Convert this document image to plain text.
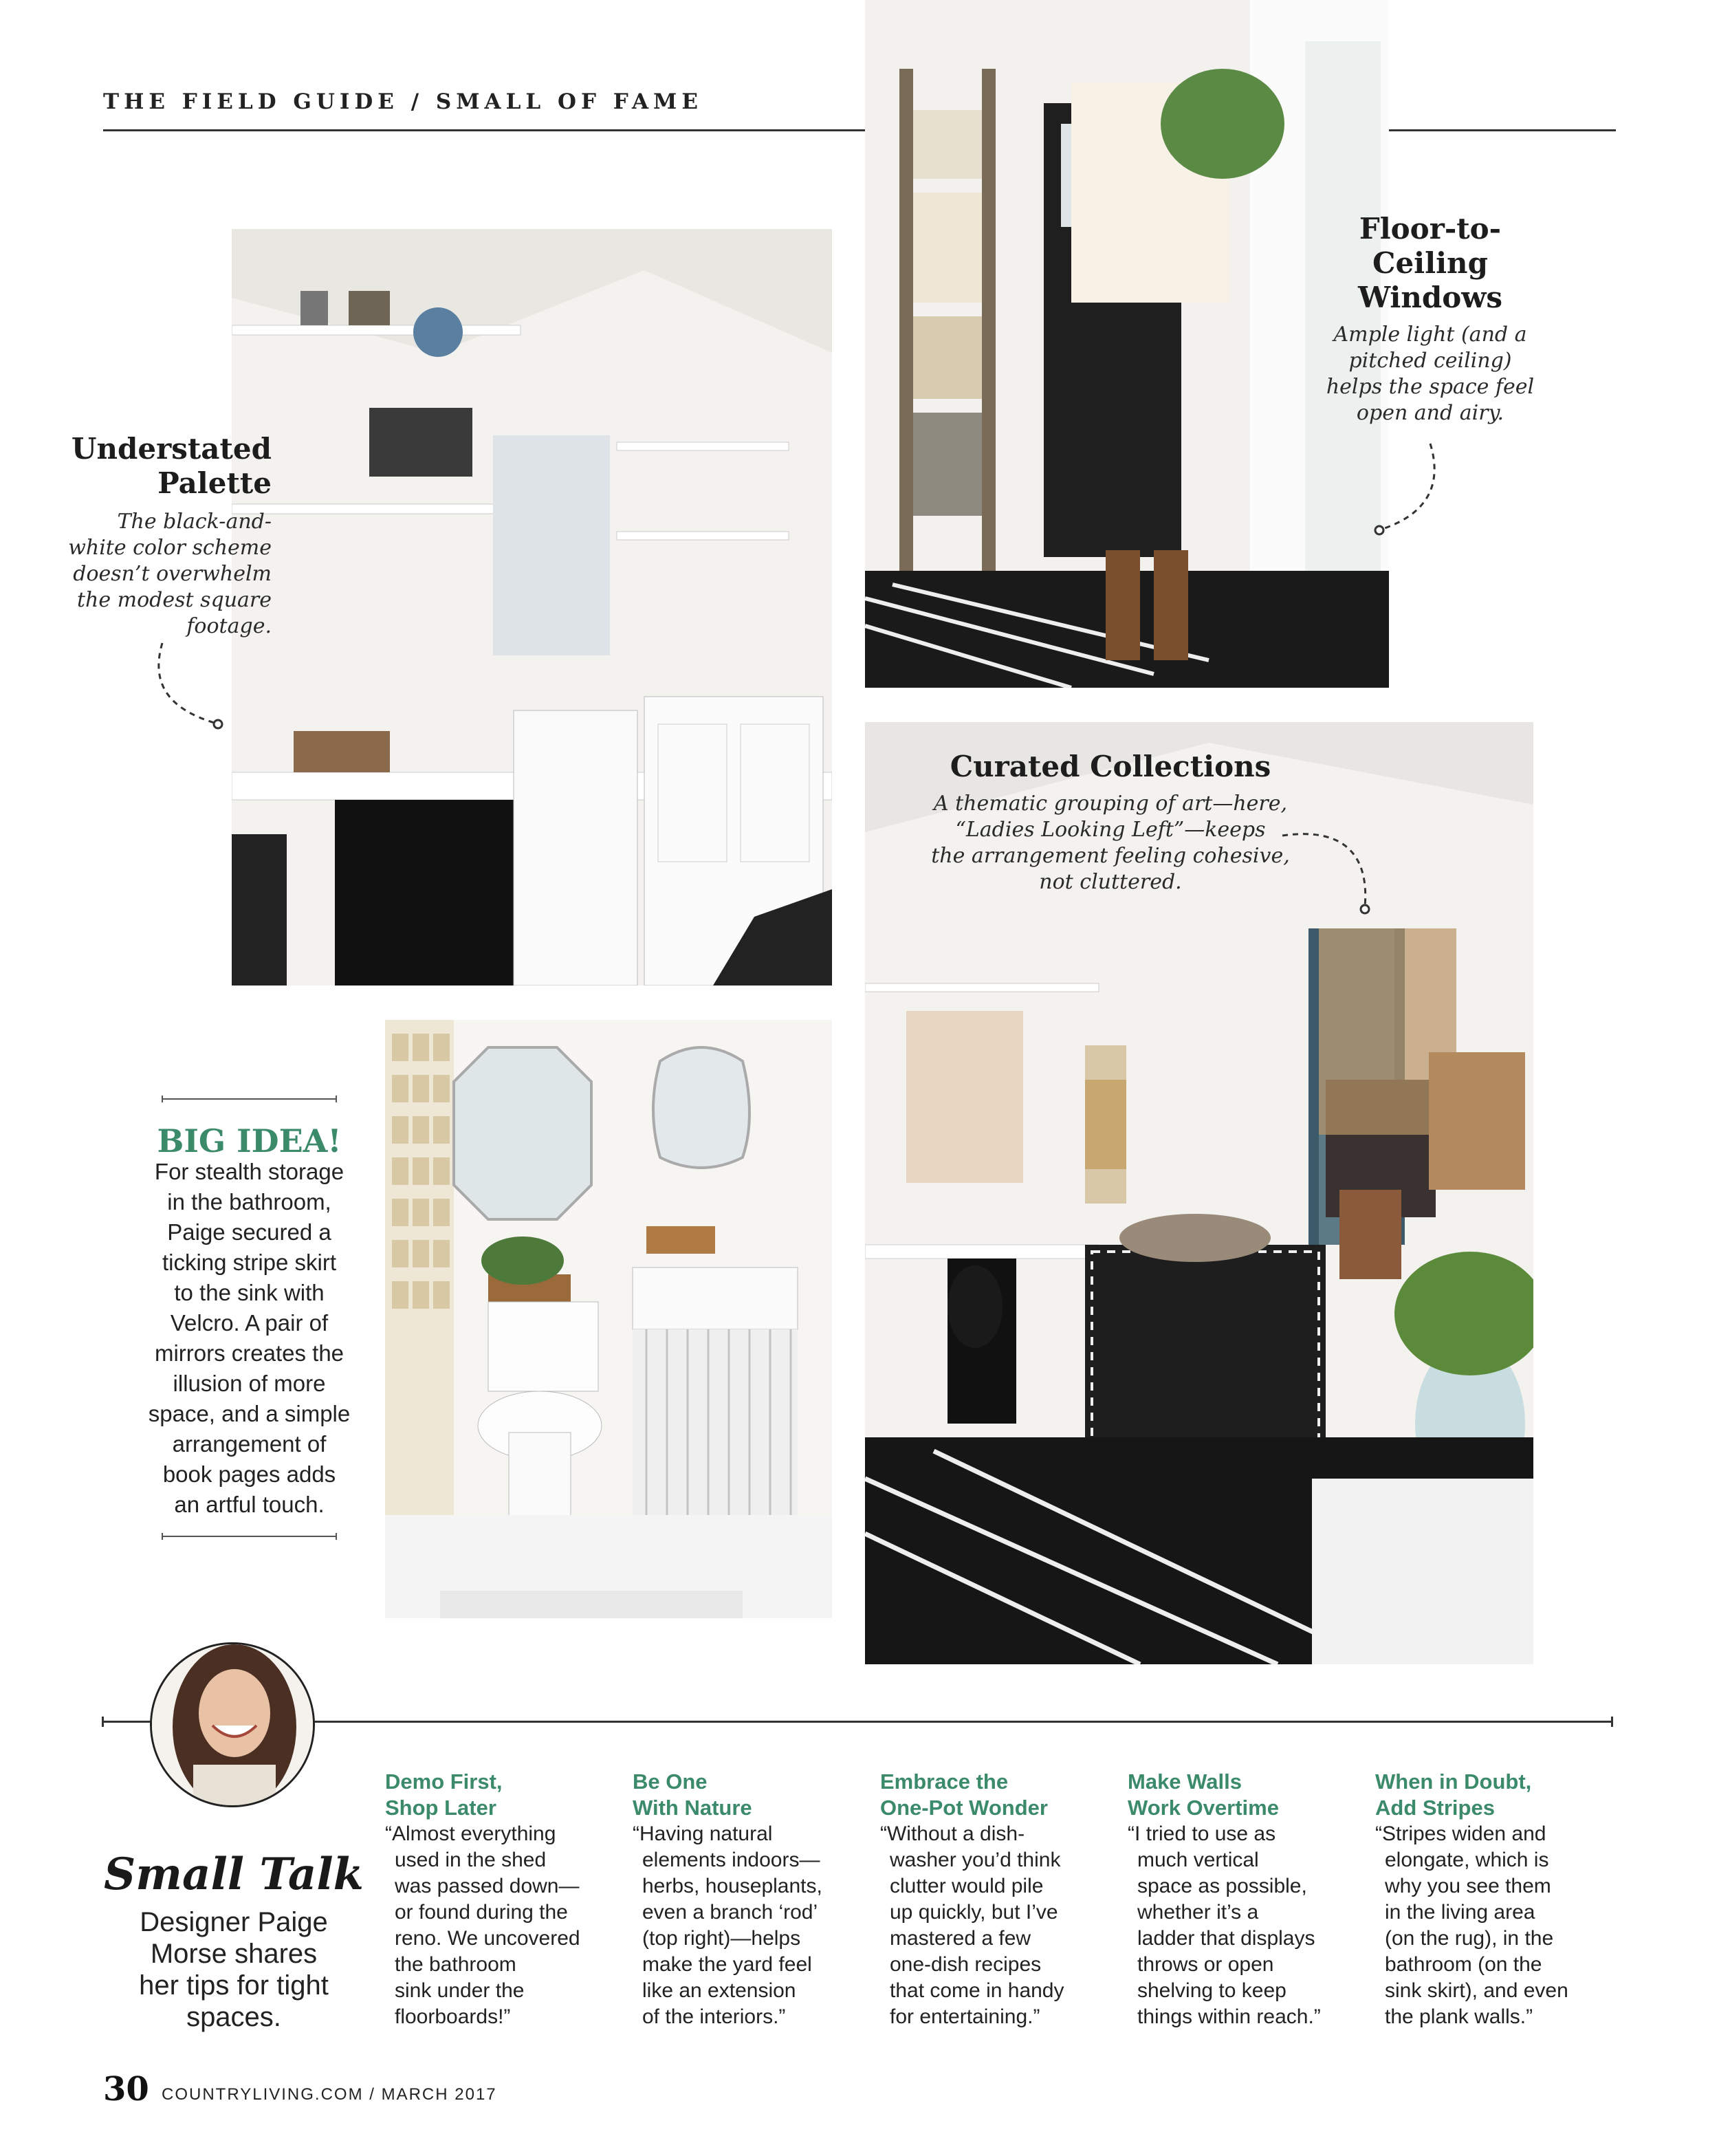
THE FIELD GUIDE / SMALL OF FAME
Understated
Palette
The black-and-
white color scheme
doesn’t overwhelm
the modest square
footage.
Floor-to-
Ceiling
Windows
Ample light (and a
pitched ceiling)
helps the space feel
open and airy.
Curated Collections
A thematic grouping of art—here,
“Ladies Looking Left”—keeps
the arrangement feeling cohesive,
not cluttered.
BIG IDEA!
For stealth storage
in the bathroom,
Paige secured a
ticking stripe skirt
to the sink with
Velcro. A pair of
mirrors creates the
illusion of more
space, and a simple
arrangement of
book pages adds
an artful touch.
Small Talk
Designer Paige
Morse shares
her tips for tight
spaces.
Demo First,
Shop Later
“Almost everything
used in the shed
was passed down—
or found during the
reno. We uncovered
the bathroom
sink under the
floorboards!”
Be One
With Nature
“Having natural
elements indoors—
herbs, houseplants,
even a branch ‘rod’
(top right)—helps
make the yard feel
like an extension
of the interiors.”
Embrace the
One-Pot Wonder
“Without a dish-
washer you’d think
clutter would pile
up quickly, but I’ve
mastered a few
one-dish recipes
that come in handy
for entertaining.”
Make Walls
Work Overtime
“I tried to use as
much vertical
space as possible,
whether it’s a
ladder that displays
throws or open
shelving to keep
things within reach.”
When in Doubt,
Add Stripes
“Stripes widen and
elongate, which is
why you see them
in the living area
(on the rug), in the
bathroom (on the
sink skirt), and even
the plank walls.”
30 COUNTRYLIVING.COM / MARCH 2017
